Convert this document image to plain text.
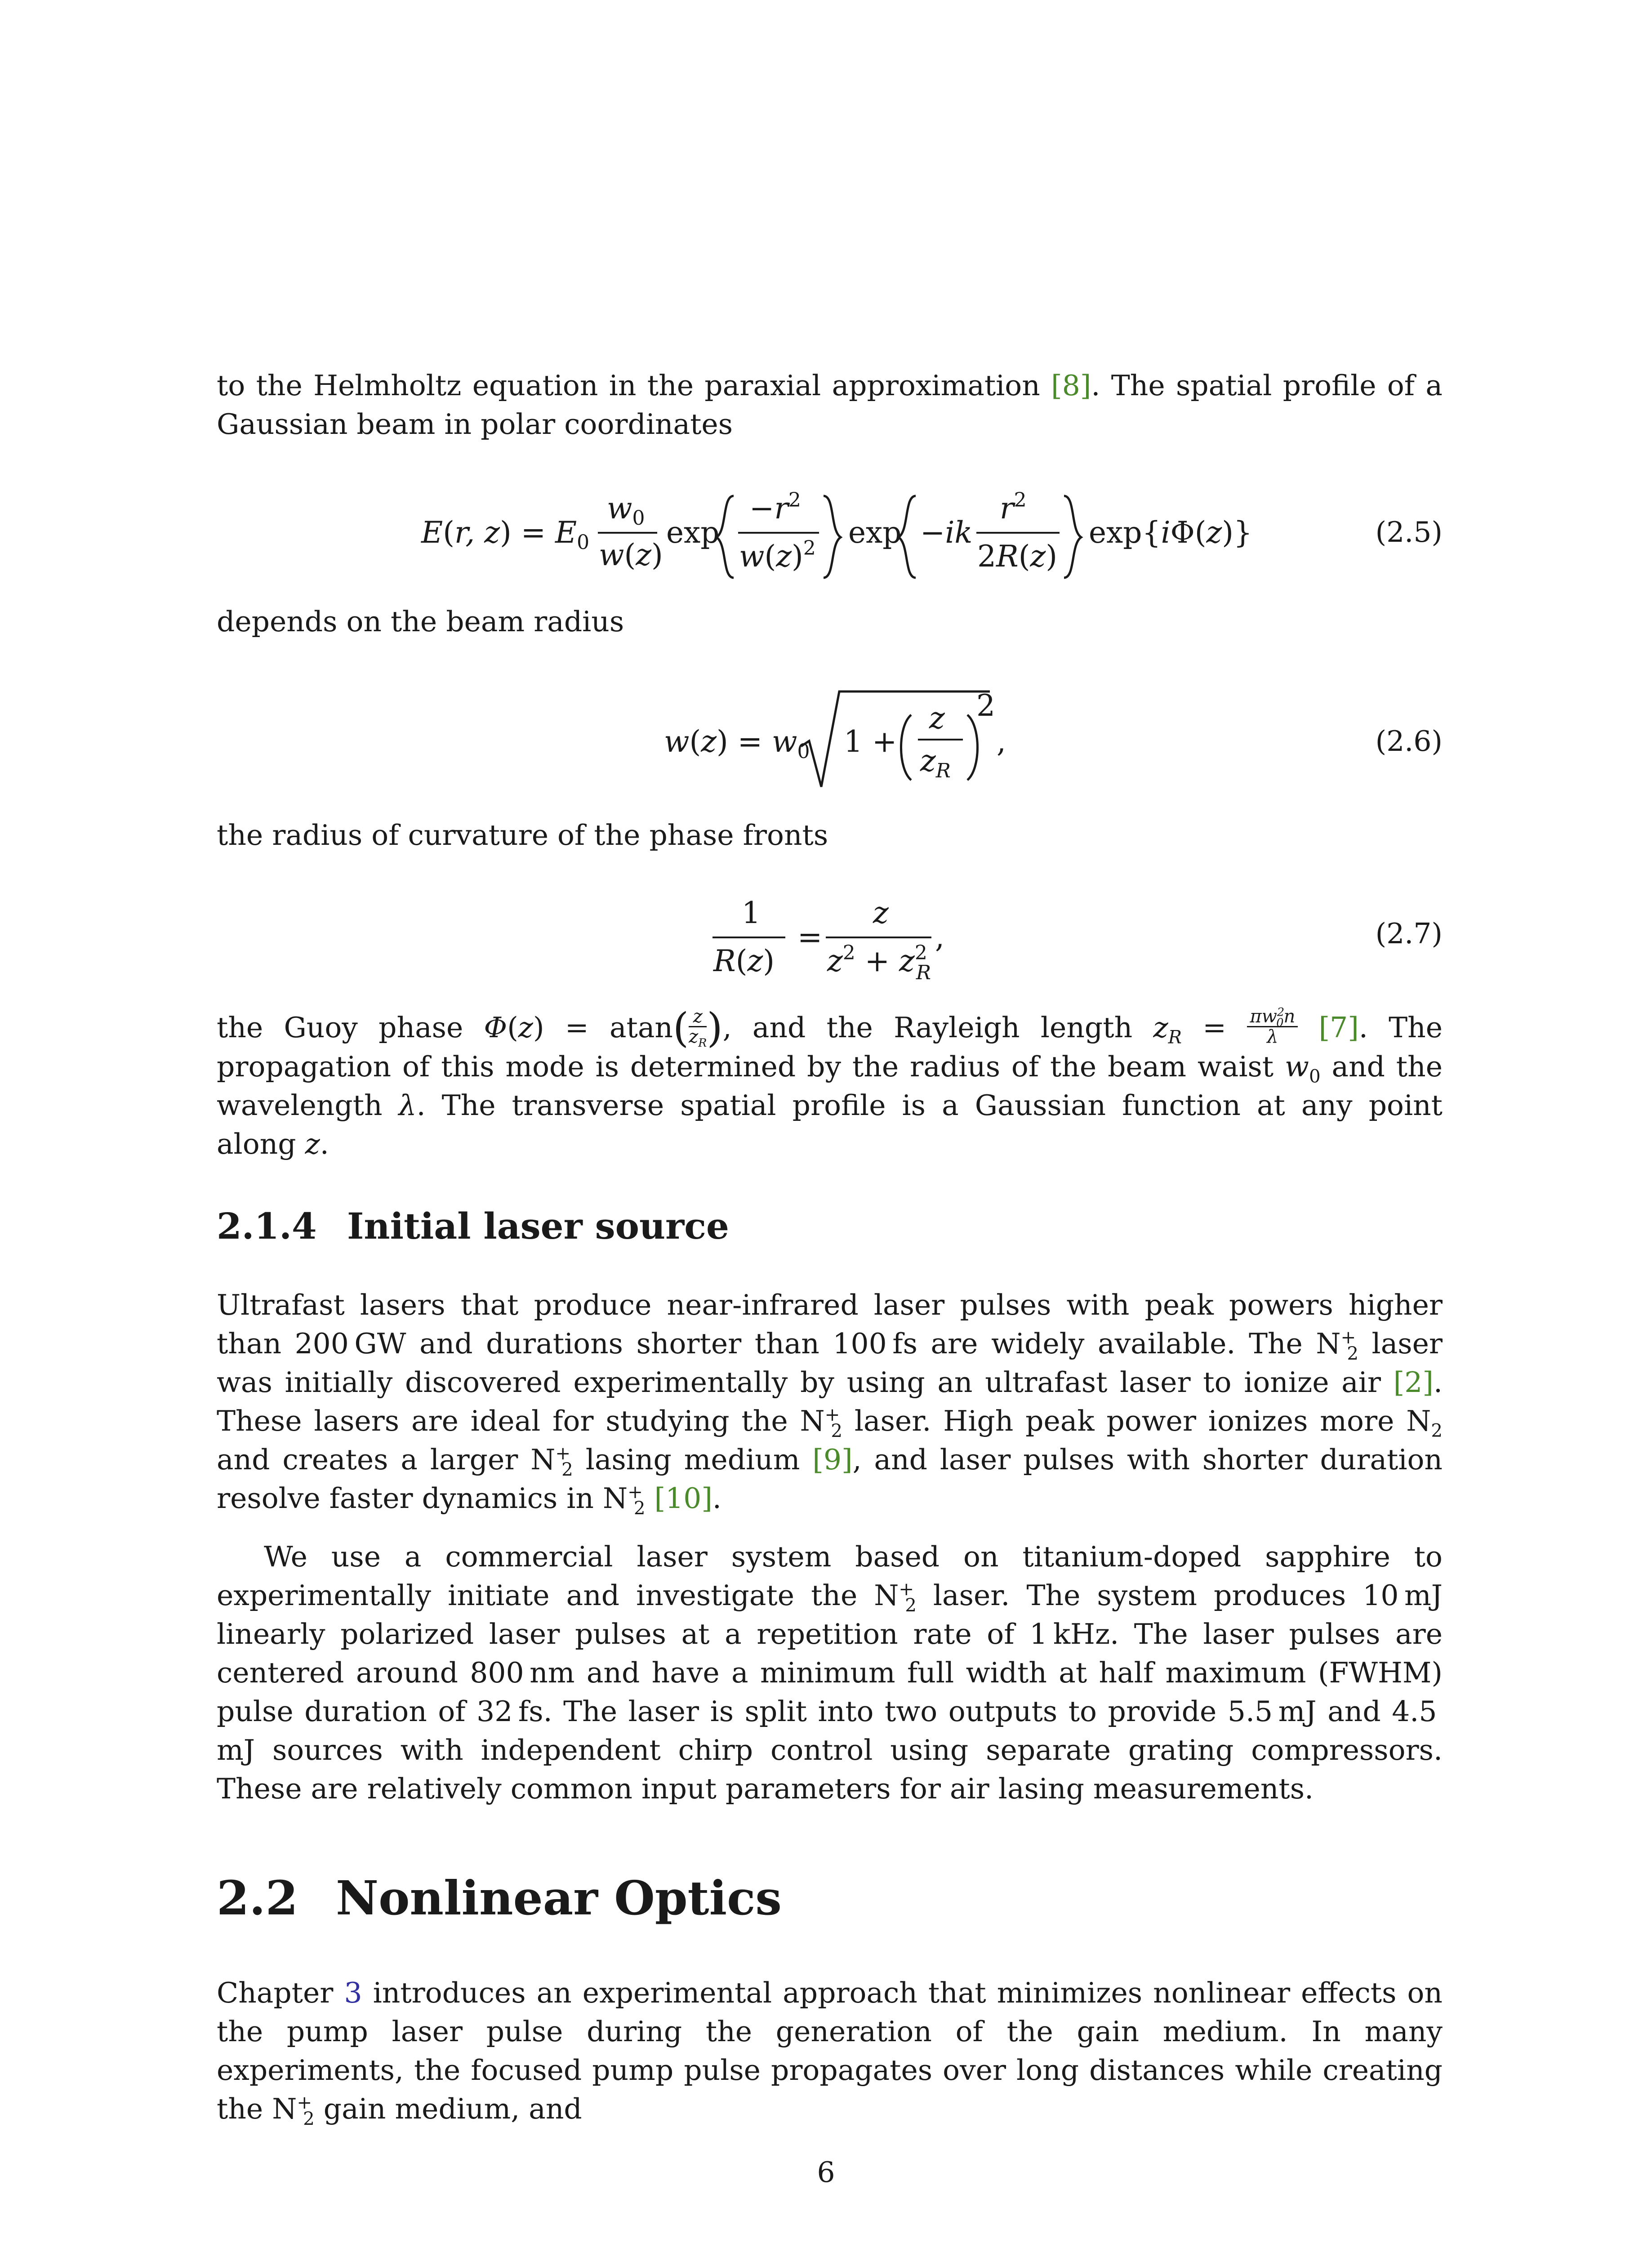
to the Helmholtz equation in the paraxial approximation [8]. The spatial profile of a Gaussian beam in polar coordinates

E(r, $z) = E_0$
$w_0$
w(z)
exp
$-r^2$
$w(z)^2$ exp −ik
$r^2$
2R(z)
exp{iΦ(z)}	(2.5)

depends on the beam radius

$w(z) = w_0$ 1 +
z
$z_R$
2
,	(2.6)

the radius of curvature of the phase fronts

1
R(z)
=
z
$z^2 + z^2$ R
,	(2.7)

the Guoy phase $\Phi(z) = atan( \frac{z}{z_R}$ ), and the Rayleigh length $z_R = \frac{\pi w^2_0n}{\lambda} [7]$. The propagation of this mode is determined by the radius of the beam waist $w_0$ and the wavelength λ. The transverse spatial profile is a Gaussian function at any point along z.

2.1.4 Initial laser source

Ultrafast lasers that produce near-infrared laser pulses with peak powers higher than 200 GW and durations shorter than 100 fs are widely available. The $N^+_2$ laser was initially discovered experimentally by using an ultrafast laser to ionize air [2]. These lasers are ideal for studying the $N^+_2$ laser. High peak power ionizes more $N_2$ and creates a larger $N^+_2$ lasing medium [9], and laser pulses with shorter duration resolve faster dynamics in $N^+_2$ [10].

We use a commercial laser system based on titanium-doped sapphire to experimentally initiate and investigate the $N^+_2$ laser. The system produces 10 mJ linearly polarized laser pulses at a repetition rate of 1 kHz. The laser pulses are centered around 800 nm and have a minimum full width at half maximum (FWHM) pulse duration of 32 fs. The laser is split into two outputs to provide 5.5 mJ and 4.5 mJ sources with independent chirp control using separate grating compressors. These are relatively common input parameters for air lasing measurements.

2.2 Nonlinear Optics

Chapter 3 introduces an experimental approach that minimizes nonlinear effects on the pump laser pulse during the generation of the gain medium. In many experiments, the focused pump pulse propagates over long distances while creating the $N^+_2$ gain medium, and

6
